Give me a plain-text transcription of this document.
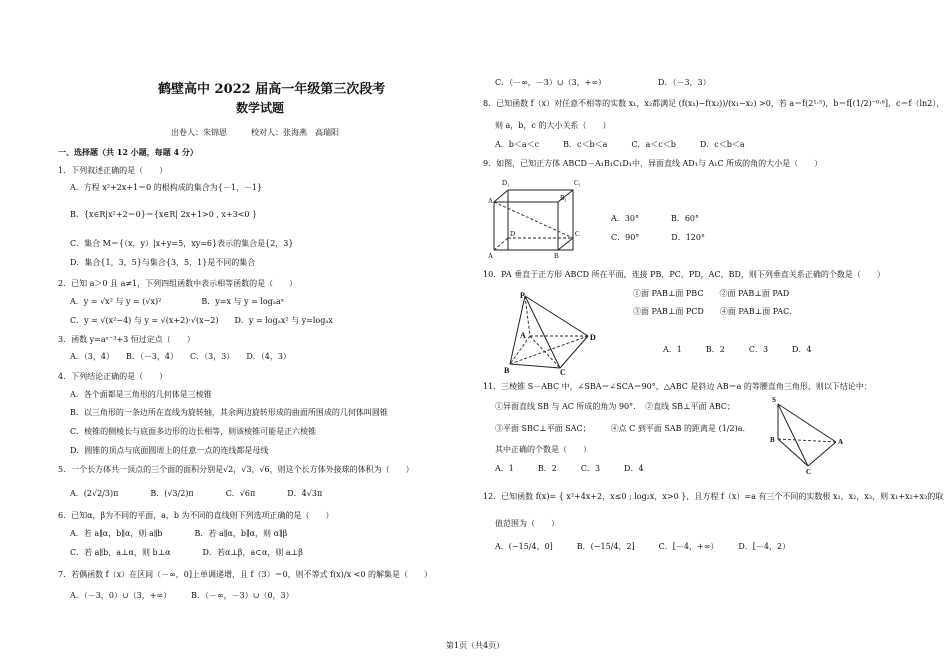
鹤壁高中 2022 届高一年级第三次段考
数学试题
出卷人：朱锦恩　　　校对人：张海燕　高瑞阳
一、选择题（共 12 小题，每题 4 分）
1．下列叙述正确的是（　　）
A．方程 x²+2x+1＝0 的根构成的集合为{－1，－1}
B．{x∈R|x²+2＝0}＝{x∈R| 2x+1>0 , x+3<0 }
C．集合 M＝{（x，y）|x+y=5，xy=6}表示的集合是{2，3}
D．集合{1，3，5}与集合{3，5，1}是不同的集合
2．已知 a＞0 且 a≠1，下列四组函数中表示相等函数的是（　　）
A．y = √x² 与 y = (√x)²　　　　　B．y=x 与 y = logₐaˣ
C．y = √(x²−4) 与 y = √(x+2)·√(x−2)　　D．y = logₐx² 与 y=logₐx
3．函数 y=aˣ⁻³+3 恒过定点（　　）
A．（3，4）　　B．（－3，4）　　C．（3，3）　　D．（4，3）
4．下列结论正确的是（　　）
A．各个面都是三角形的几何体是三棱锥
B．以三角形的一条边所在直线为旋转轴，其余两边旋转形成的曲面所围成的几何体叫圆锥
C．棱锥的侧棱长与底面多边形的边长相等，则该棱锥可能是正六棱锥
D．圆锥的顶点与底面圆周上的任意一点的连线都是母线
5．一个长方体共一顶点的三个面的面积分别是√2，√3，√6，则这个长方体外接球的体积为（　　）
A．(2√2/3)π　　　　B．(√3/2)π　　　　C．√6π　　　　D．4√3π
6．已知α，β为不同的平面，a，b 为不同的直线则下列选项正确的是（　　）
A．若 a∥α，b∥α，则 a∥b　　　　B．若 a∥α，b∥α，则 α∥β
C．若 a∥b，a⊥α，则 b⊥α　　　　D．若α⊥β，a⊂α，则 a⊥β
7．若偶函数 f（x）在区间（－∞，0]上单调递增，且 f（3）＝0，则不等式 f(x)/x <0 的解集是（　　）
A．（－3，0）∪（3，+∞）　　　B．（－∞，－3）∪（0，3）
C．（－∞，－3）∪（3，+∞）　　　　　　　D．（－3，3）
8．已知函数 f（x）对任意不相等的实数 x₁，x₂都满足 (f(x₁)−f(x₂))/(x₁−x₂) >0，若 a＝f(2¹·⁵)，b＝f[(1/2)⁻⁰·⁶]，c＝f（ln2），
则 a，b，c 的大小关系（　　）
A．b＜a＜c　　　B．c＜b＜a　　　C．a＜c＜b　　　D．c＜b＜a
9．如图，已知正方体 ABCD－A₁B₁C₁D₁中，异面直线 AD₁与 A₁C 所成的角的大小是（　　）
A．30°　　　　B．60°
C．90°　　　　D．120°
10．PA 垂直于正方形 ABCD 所在平面，连接 PB，PC，PD，AC，BD，则下列垂直关系正确的个数是（　　）
①面 PAB⊥面 PBC　　②面 PAB⊥面 PAD
③面 PAB⊥面 PCD　　④面 PAB⊥面 PAC.
A．1　　　B．2　　　C．3　　　D．4
11．三棱锥 S－ABC 中，∠SBA＝∠SCA＝90°，△ABC 是斜边 AB＝a 的等腰直角三角形，则以下结论中：
①异面直线 SB 与 AC 所成的角为 90°．　②直线 SB⊥平面 ABC；
③平面 SBC⊥平面 SAC；　　　④点 C 到平面 SAB 的距离是 (1/2)a.
其中正确的个数是（　　）
A．1　　　B．2　　　C．3　　　D．4
12．已知函数 f(x)= { x²+4x+2，x≤0 ; log₂x，x>0 }，且方程 f（x）=a 有三个不同的实数根 x₁，x₂，x₃，则 x₁+x₂+x₃的取
值范围为（　　）
A．(−15/4，0]　　　B．(−15/4，2]　　　C．[－4，+∞）　　　D．[－4，2）
D₁	C₁
A₁	B₁
D	C
A	B
P
A	D
B	C
S
B	A
C
第1页（共4页）
